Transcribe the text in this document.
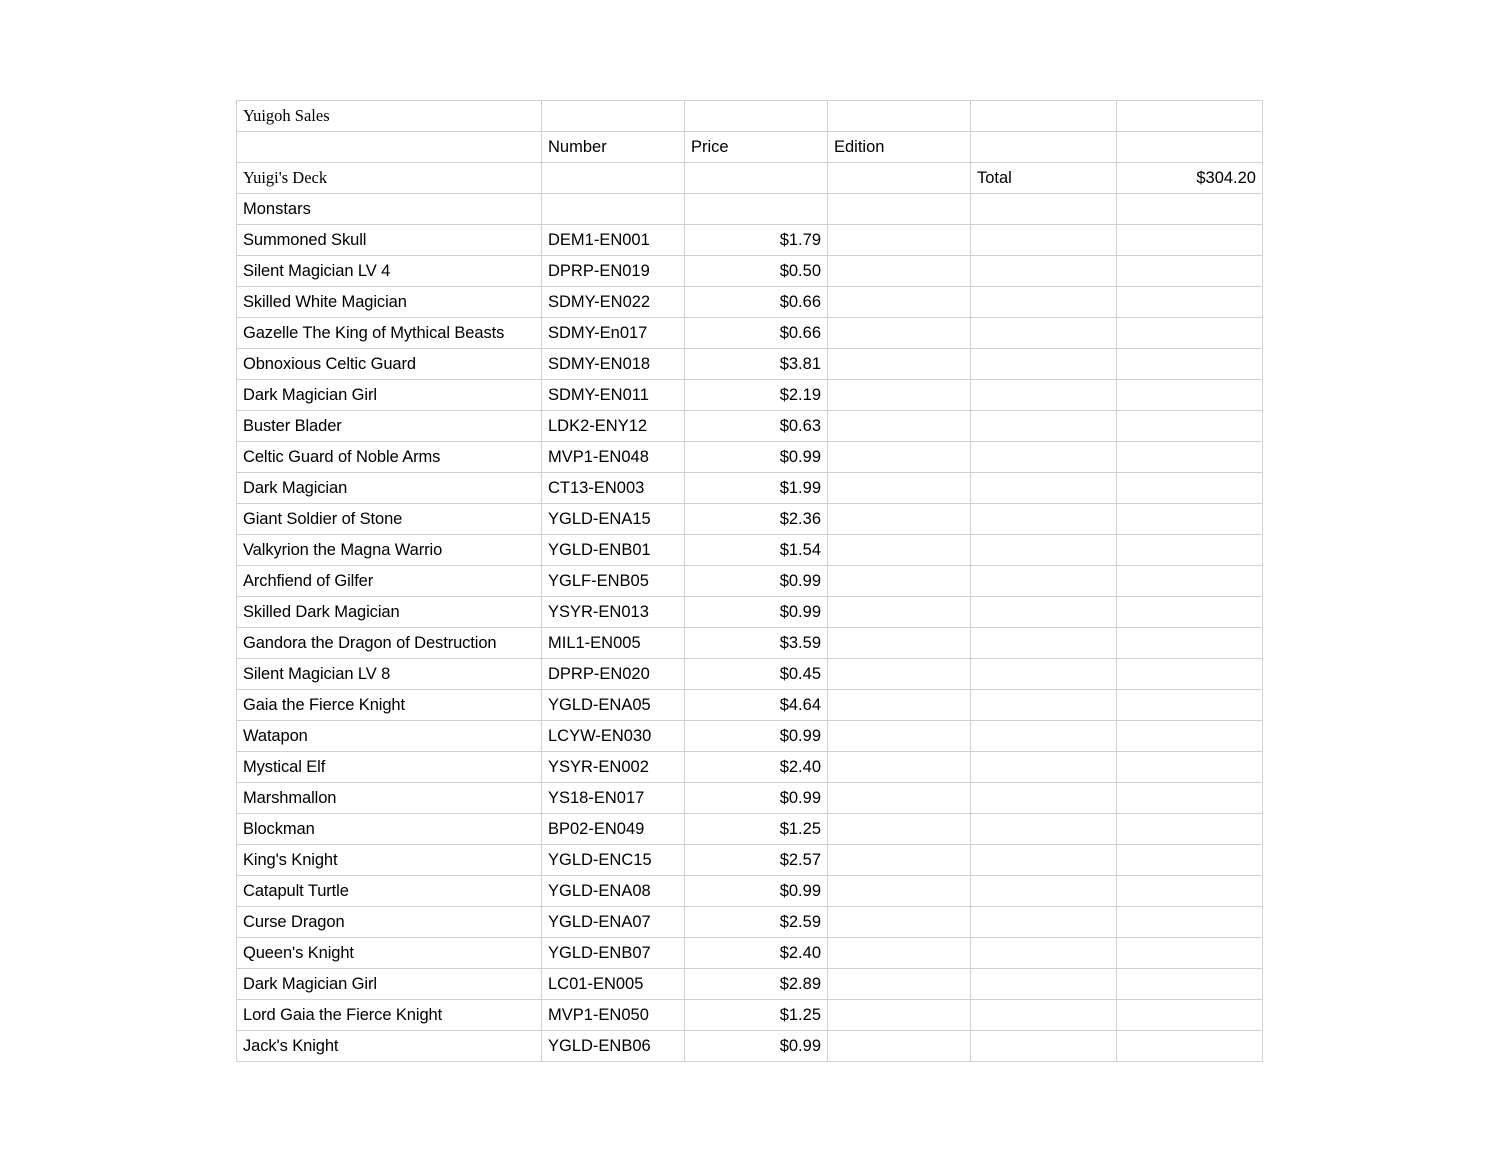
Yuigoh Sales					
	Number	Price	Edition		
Yuigi's Deck				Total	$304.20
Monstars					
Summoned Skull	DEM1-EN001	$1.79			
Silent Magician LV 4	DPRP-EN019	$0.50			
Skilled White Magician	SDMY-EN022	$0.66			
Gazelle The King of Mythical Beasts	SDMY-En017	$0.66			
Obnoxious Celtic Guard	SDMY-EN018	$3.81			
Dark Magician Girl	SDMY-EN011	$2.19			
Buster Blader	LDK2-ENY12	$0.63			
Celtic Guard of Noble Arms	MVP1-EN048	$0.99			
Dark Magician	CT13-EN003	$1.99			
Giant Soldier of Stone	YGLD-ENA15	$2.36			
Valkyrion the Magna Warrio	YGLD-ENB01	$1.54			
Archfiend of Gilfer	YGLF-ENB05	$0.99			
Skilled Dark Magician	YSYR-EN013	$0.99			
Gandora the Dragon of Destruction	MIL1-EN005	$3.59			
Silent Magician LV 8	DPRP-EN020	$0.45			
Gaia the Fierce Knight	YGLD-ENA05	$4.64			
Watapon	LCYW-EN030	$0.99			
Mystical Elf	YSYR-EN002	$2.40			
Marshmallon	YS18-EN017	$0.99			
Blockman	BP02-EN049	$1.25			
King's Knight	YGLD-ENC15	$2.57			
Catapult Turtle	YGLD-ENA08	$0.99			
Curse Dragon	YGLD-ENA07	$2.59			
Queen's Knight	YGLD-ENB07	$2.40			
Dark Magician Girl	LC01-EN005	$2.89			
Lord Gaia the Fierce Knight	MVP1-EN050	$1.25			
Jack's Knight	YGLD-ENB06	$0.99			
